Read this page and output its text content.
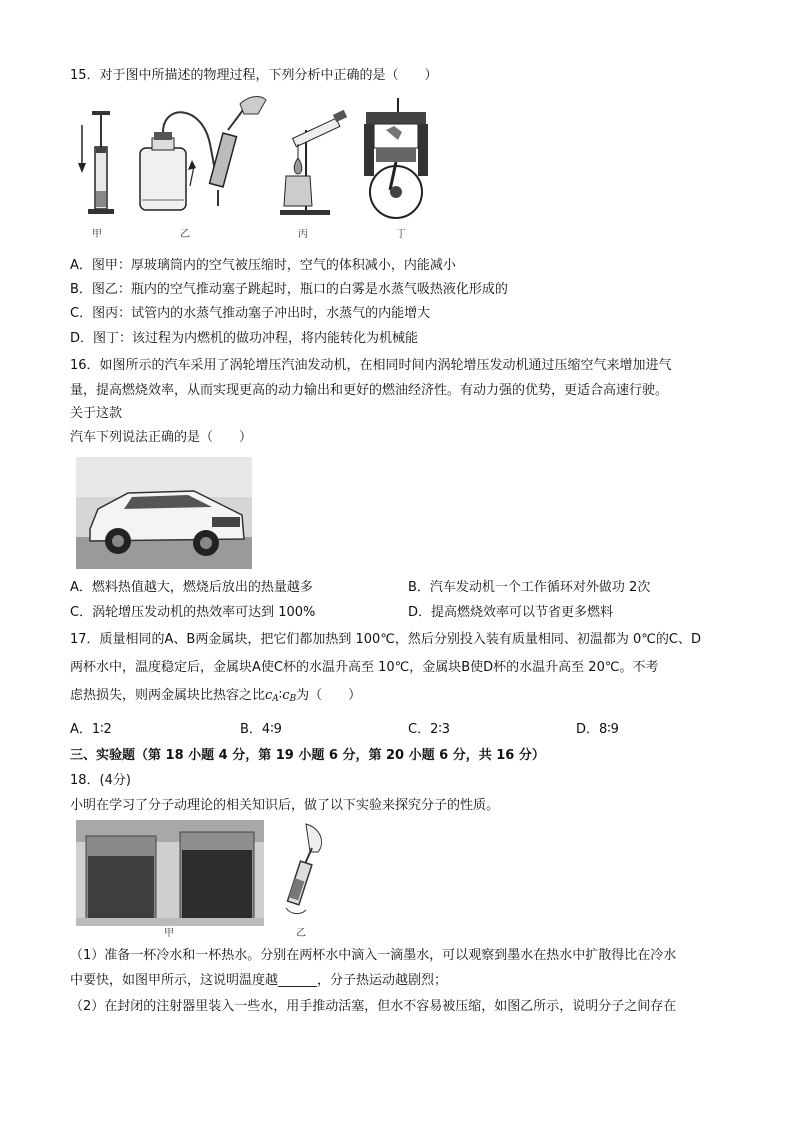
15．对于图中所描述的物理过程，下列分析中正确的是（　　）
甲	乙	丙	丁
A．图甲：厚玻璃筒内的空气被压缩时，空气的体积减小，内能减小
B．图乙：瓶内的空气推动塞子跳起时，瓶口的白雾是水蒸气吸热液化形成的
C．图丙：试管内的水蒸气推动塞子冲出时，水蒸气的内能增大
D．图丁：该过程为内燃机的做功冲程，将内能转化为机械能
16．如图所示的汽车采用了涡轮增压汽油发动机，在相同时间内涡轮增压发动机通过压缩空气来增加进气
量，提高燃烧效率，从而实现更高的动力输出和更好的燃油经济性。有动力强的优势，更适合高速行驶。
关于这款
汽车下列说法正确的是（　　）
A．燃料热值越大，燃烧后放出的热量越多	B．汽车发动机一个工作循环对外做功 2次
C．涡轮增压发动机的热效率可达到 100%	D．提高燃烧效率可以节省更多燃料
17．质量相同的A、B两金属块，把它们都加热到 100℃，然后分别投入装有质量相同、初温都为 0℃的C、D
两杯水中，温度稳定后，金属块A使C杯的水温升高至 10℃，金属块B使D杯的水温升高至 20℃。不考
虑热损失，则两金属块比热容之比$c_A∶c_B$为（　　）
A．1∶2	B．4∶9	C．2∶3	D．8∶9
三、实验题（第 18 小题 4 分，第 19 小题 6 分，第 20 小题 6 分，共 16 分）
18．(4分)
小明在学习了分子动理论的相关知识后，做了以下实验来探究分子的性质。
甲	乙
（1）准备一杯冷水和一杯热水。分别在两杯水中滴入一滴墨水，可以观察到墨水在热水中扩散得比在冷水
中要快，如图甲所示，这说明温度越______，分子热运动越剧烈；
（2）在封闭的注射器里装入一些水，用手推动活塞，但水不容易被压缩，如图乙所示，说明分子之间存在
